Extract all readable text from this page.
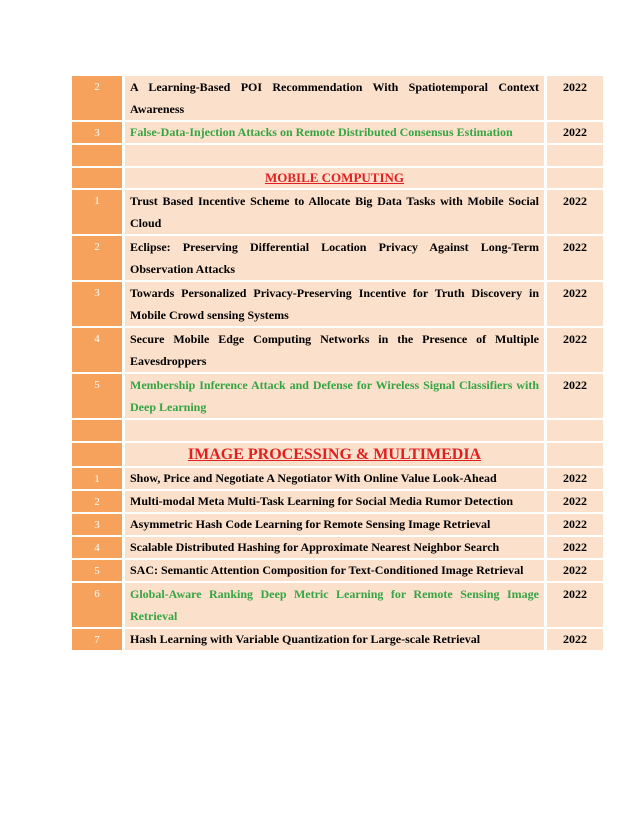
2	A Learning-Based POI Recommendation With Spatiotemporal Context Awareness	2022
3	False-Data-Injection Attacks on Remote Distributed Consensus Estimation	2022

	MOBILE COMPUTING	
1	Trust Based Incentive Scheme to Allocate Big Data Tasks with Mobile Social Cloud	2022
2	Eclipse: Preserving Differential Location Privacy Against Long-Term Observation Attacks	2022
3	Towards Personalized Privacy-Preserving Incentive for Truth Discovery in Mobile Crowd sensing Systems	2022
4	Secure Mobile Edge Computing Networks in the Presence of Multiple Eavesdroppers	2022
5	Membership Inference Attack and Defense for Wireless Signal Classifiers with Deep Learning	2022

	IMAGE PROCESSING & MULTIMEDIA	
1	Show, Price and Negotiate A Negotiator With Online Value Look-Ahead	2022
2	Multi-modal Meta Multi-Task Learning for Social Media Rumor Detection	2022
3	Asymmetric Hash Code Learning for Remote Sensing Image Retrieval	2022
4	Scalable Distributed Hashing for Approximate Nearest Neighbor Search	2022
5	SAC: Semantic Attention Composition for Text-Conditioned Image Retrieval	2022
6	Global-Aware Ranking Deep Metric Learning for Remote Sensing Image Retrieval	2022
7	Hash Learning with Variable Quantization for Large-scale Retrieval	2022
